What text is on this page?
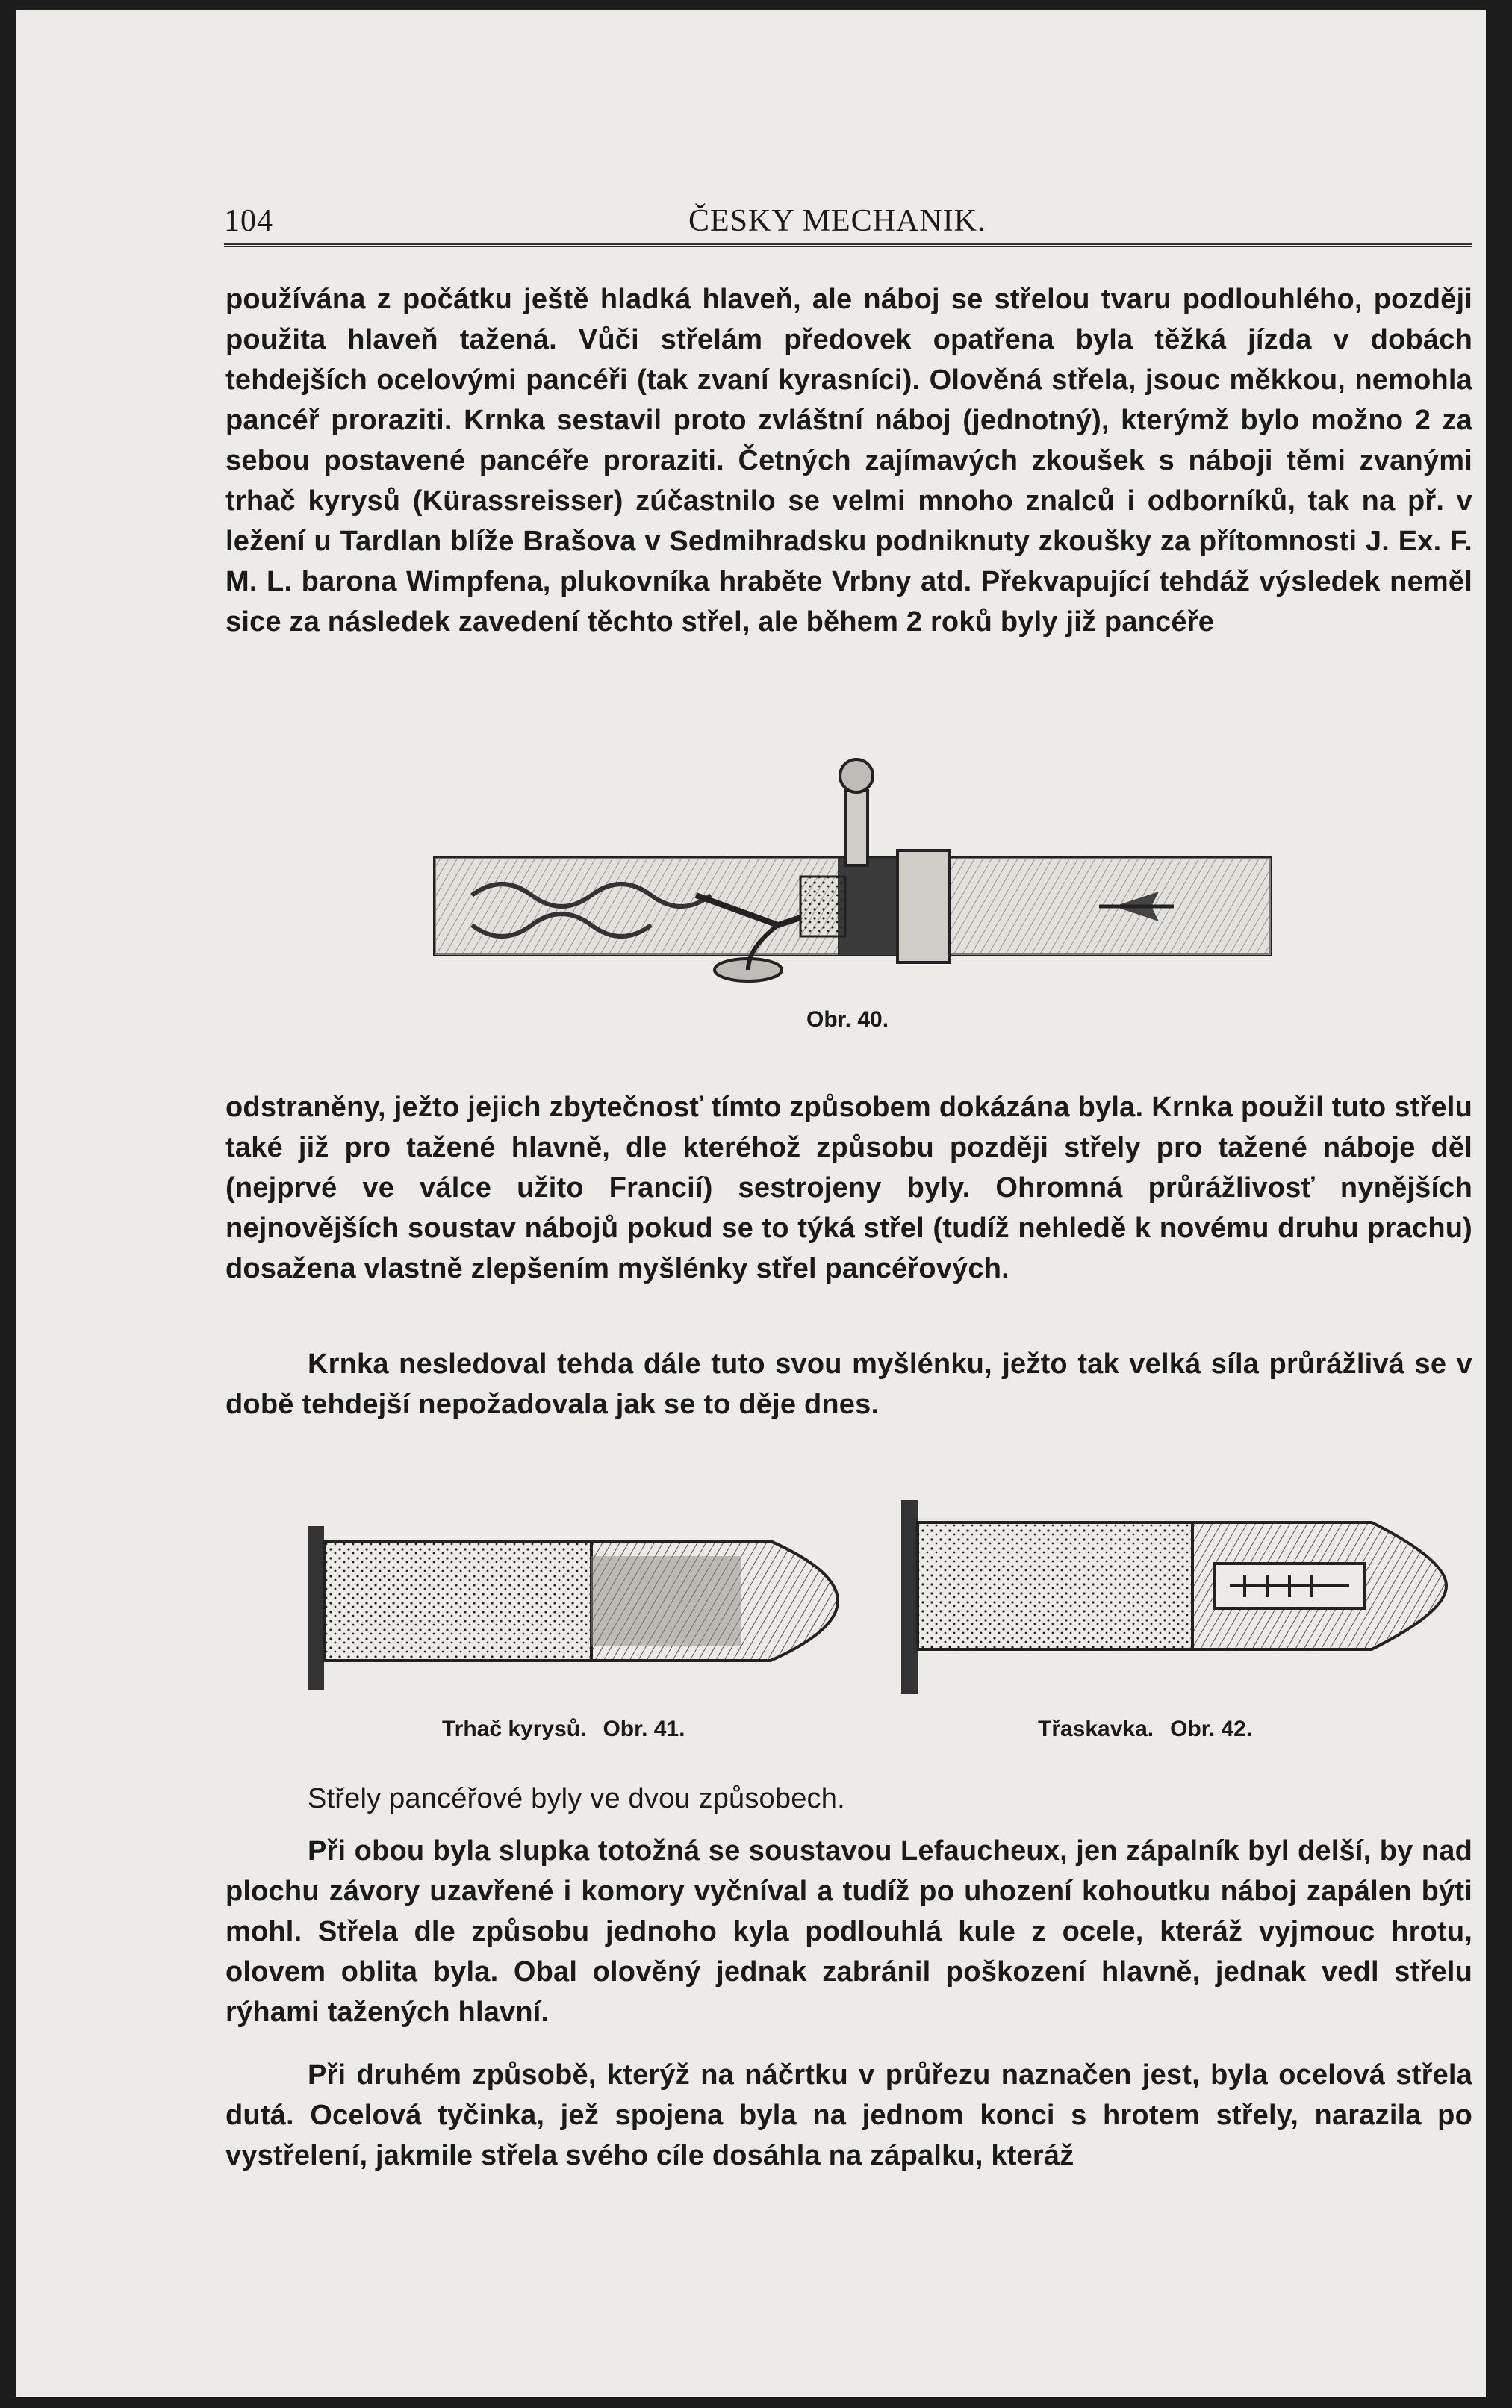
104	ČESKY MECHANIK.

používána z počátku ještě hladká hlaveň, ale náboj se střelou tvaru podlouhlého, později použita hlaveň tažená. Vůči střelám předovek opatřena byla těžká jízda v dobách tehdejších ocelovými pancéři (tak zvaní kyrasníci). Olověná střela, jsouc měkkou, nemohla pancéř proraziti. Krnka sestavil proto zvláštní náboj (jednotný), kterýmž bylo možno 2 za sebou postavené pancéře proraziti. Četných zajímavých zkoušek s náboji těmi zvanými trhač kyrysů (Kürassreisser) zúčastnilo se velmi mnoho znalců i odborníků, tak na př. v ležení u Tardlan blíže Brašova v Sedmihradsku podniknuty zkoušky za přítomnosti J. Ex. F. M. L. barona Wimpfena, plukovníka hraběte Vrbny atd. Překvapující tehdáž výsledek neměl sice za následek zavedení těchto střel, ale během 2 roků byly již pancéře

Obr. 40.

odstraněny, ježto jejich zbytečnosť tímto způsobem dokázána byla. Krnka použil tuto střelu také již pro tažené hlavně, dle kteréhož způsobu později střely pro tažené náboje děl (nejprvé ve válce užito Francií) sestrojeny byly. Ohromná průrážlivosť nynějších nejnovějších soustav nábojů pokud se to týká střel (tudíž nehledě k novému druhu prachu) dosažena vlastně zlepšením myšlénky střel pancéřových.

Krnka nesledoval tehda dále tuto svou myšlénku, ježto tak velká síla průrážlivá se v době tehdejší nepožadovala jak se to děje dnes.

Trhač kyrysů. Obr. 41.	Třaskavka. Obr. 42.

Střely pancéřové byly ve dvou způsobech.

Při obou byla slupka totožná se soustavou Lefaucheux, jen zápalník byl delší, by nad plochu závory uzavřené i komory vyčníval a tudíž po uhození kohoutku náboj zapálen býti mohl. Střela dle způsobu jednoho kyla podlouhlá kule z ocele, kteráž vyjmouc hrotu, olovem oblita byla. Obal olověný jednak zabránil poškození hlavně, jednak vedl střelu rýhami tažených hlavní.

Při druhém způsobě, kterýž na náčrtku v průřezu naznačen jest, byla ocelová střela dutá. Ocelová tyčinka, jež spojena byla na jednom konci s hrotem střely, narazila po vystřelení, jakmile střela svého cíle dosáhla na zápalku, kteráž
